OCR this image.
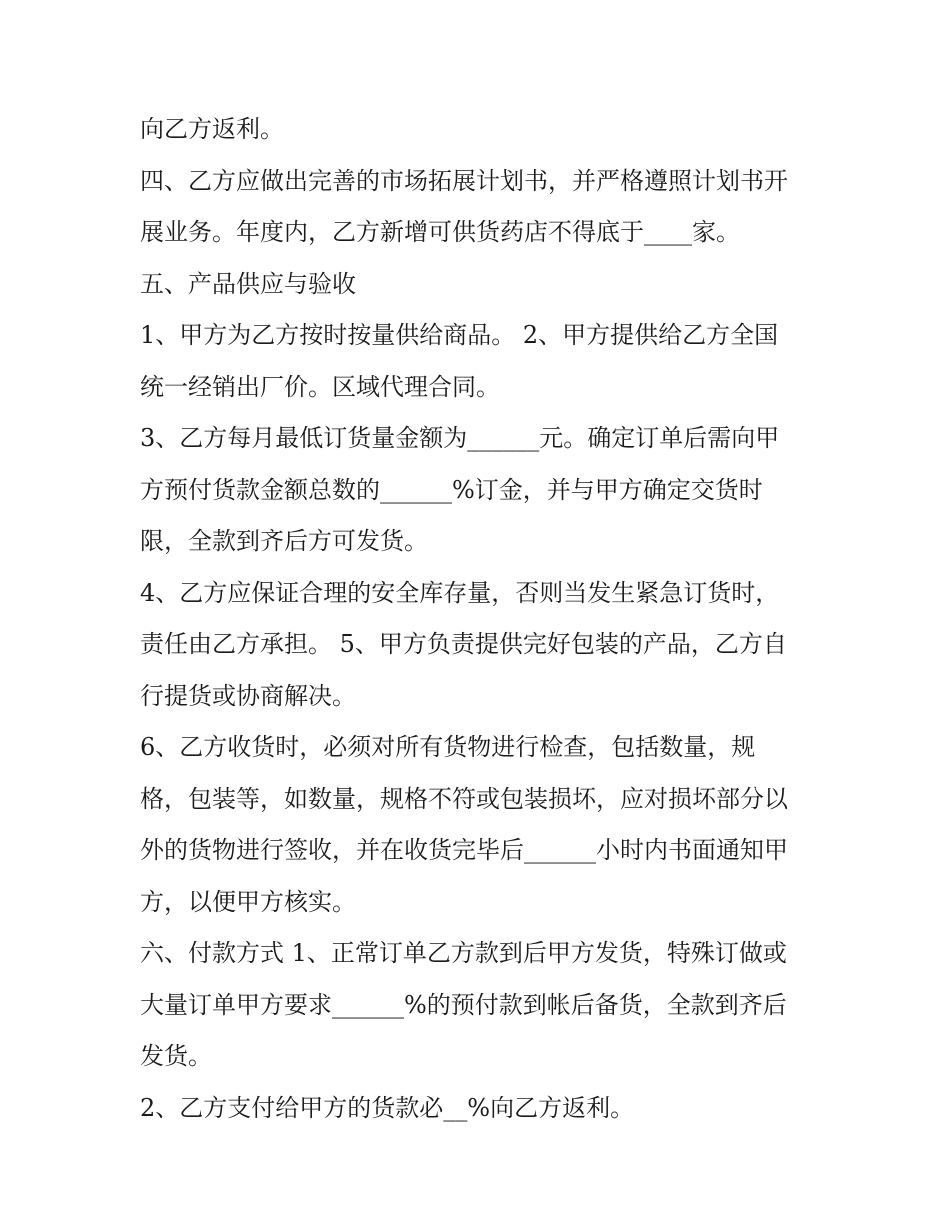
向乙方返利。

四、乙方应做出完善的市场拓展计划书，并严格遵照计划书开

展业务。年度内，乙方新增可供货药店不得底于____家。

五、产品供应与验收

1、甲方为乙方按时按量供给商品。 2、甲方提供给乙方全国

统一经销出厂价。区域代理合同。

3、乙方每月最低订货量金额为______元。确定订单后需向甲

方预付货款金额总数的______%订金，并与甲方确定交货时

限，全款到齐后方可发货。

4、乙方应保证合理的安全库存量，否则当发生紧急订货时，

责任由乙方承担。 5、甲方负责提供完好包装的产品，乙方自

行提货或协商解决。

6、乙方收货时，必须对所有货物进行检查，包括数量，规

格，包装等，如数量，规格不符或包装损坏，应对损坏部分以

外的货物进行签收，并在收货完毕后______小时内书面通知甲

方，以便甲方核实。

六、付款方式 1、正常订单乙方款到后甲方发货，特殊订做或

大量订单甲方要求______%的预付款到帐后备货，全款到齐后

发货。

2、乙方支付给甲方的货款必__%向乙方返利。
